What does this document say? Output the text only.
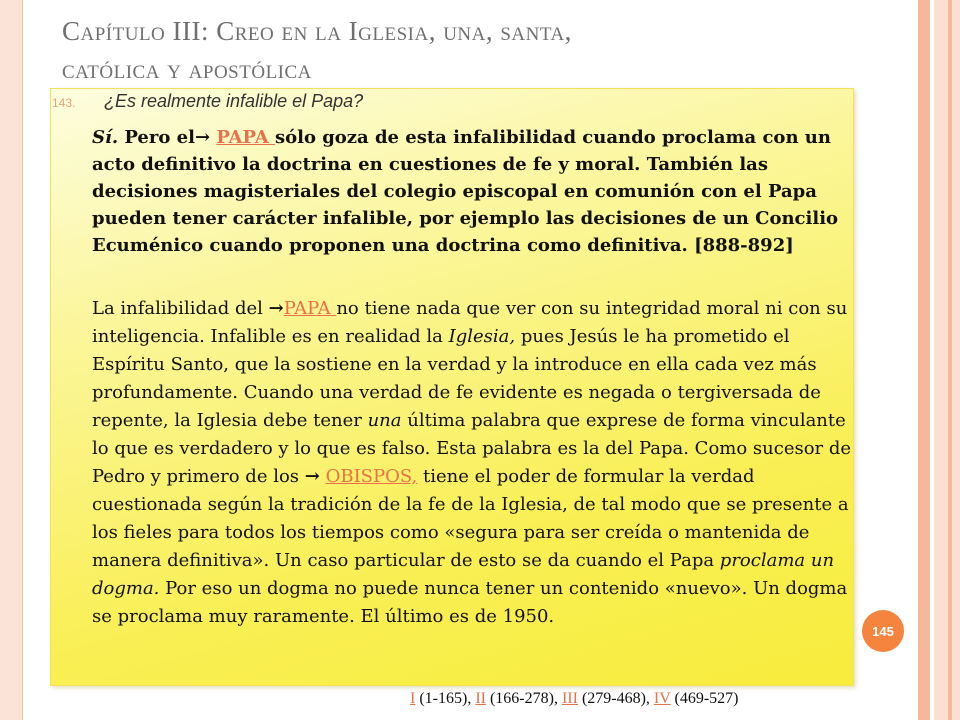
Capítulo III: Creo en la Iglesia, una, santa,
católica y apostólica
143. ¿Es realmente infalible el Papa?
Sí. Pero el→ PAPA sólo goza de esta infalibilidad cuando proclama con un acto definitivo la doctrina en cuestiones de fe y moral. También las decisiones magisteriales del colegio episcopal en comunión con el Papa pueden tener carácter infalible, por ejemplo las decisiones de un Concilio Ecuménico cuando proponen una doctrina como definitiva. [888-892]
La infalibilidad del →PAPA no tiene nada que ver con su integridad moral ni con su inteligencia. Infalible es en realidad la Iglesia, pues Jesús le ha prometido el Espíritu Santo, que la sostiene en la verdad y la introduce en ella cada vez más profundamente. Cuando una verdad de fe evidente es negada o tergiversada de repente, la Iglesia debe tener una última palabra que exprese de forma vinculante lo que es verdadero y lo que es falso. Esta palabra es la del Papa. Como sucesor de Pedro y primero de los → OBISPOS, tiene el poder de formular la verdad cuestionada según la tradición de la fe de la Iglesia, de tal modo que se presente a los fieles para todos los tiempos como «segura para ser creída o mantenida de manera definitiva». Un caso particular de esto se da cuando el Papa proclama un dogma. Por eso un dogma no puede nunca tener un contenido «nuevo». Un dogma se proclama muy raramente. El último es de 1950.
145
I (1-165), II (166-278), III (279-468), IV (469-527)
